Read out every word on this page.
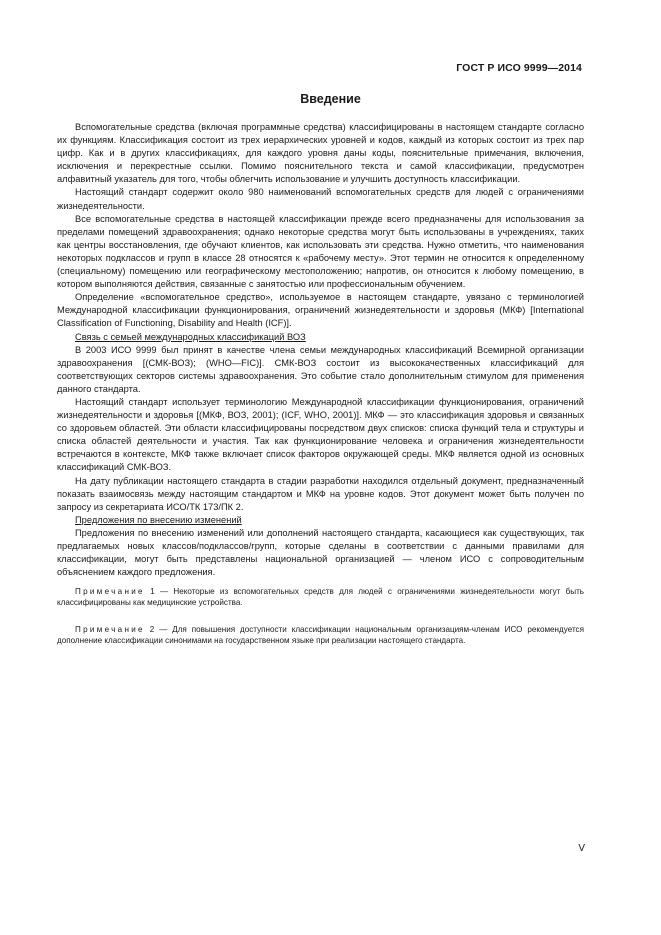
ГОСТ Р ИСО 9999—2014
Введение

Вспомогательные средства (включая программные средства) классифицированы в настоящем стандарте согласно их функциям. Классификация состоит из трех иерархических уровней и кодов, каждый из которых состоит из трех пар цифр. Как и в других классификациях, для каждого уровня даны коды, пояснительные примечания, включения, исключения и перекрестные ссылки. Помимо пояснительного текста и самой классификации, предусмотрен алфавитный указатель для того, чтобы облегчить использование и улучшить доступность классификации.

Настоящий стандарт содержит около 980 наименований вспомогательных средств для людей с ограничениями жизнедеятельности.

Все вспомогательные средства в настоящей классификации прежде всего предназначены для использования за пределами помещений здравоохранения; однако некоторые средства могут быть использованы в учреждениях, таких как центры восстановления, где обучают клиентов, как использовать эти средства. Нужно отметить, что наименования некоторых подклассов и групп в классе 28 относятся к «рабочему месту». Этот термин не относится к определенному (специальному) помещению или географическому местоположению; напротив, он относится к любому помещению, в котором выполняются действия, связанные с занятостью или профессиональным обучением.

Определение «вспомогательное средство», используемое в настоящем стандарте, увязано с терминологией Международной классификации функционирования, ограничений жизнедеятельности и здоровья (МКФ) [International Classification of Functioning, Disability and Health (ICF)].

Связь с семьей международных классификаций ВОЗ

В 2003 ИСО 9999 был принят в качестве члена семьи международных классификаций Всемирной организации здравоохранения [(СМК-ВОЗ); (WHO—FIC)]. СМК-ВОЗ состоит из высококачественных классификаций для соответствующих секторов системы здравоохранения. Это событие стало дополнительным стимулом для применения данного стандарта.

Настоящий стандарт использует терминологию Международной классификации функционирования, ограничений жизнедеятельности и здоровья [(МКФ, ВОЗ, 2001); (ICF, WHO, 2001)]. МКФ — это классификация здоровья и связанных со здоровьем областей. Эти области классифицированы посредством двух списков: списка функций тела и структуры и списка областей деятельности и участия. Так как функционирование человека и ограничения жизнедеятельности встречаются в контексте, МКФ также включает список факторов окружающей среды. МКФ является одной из основных классификаций СМК-ВОЗ.

На дату публикации настоящего стандарта в стадии разработки находился отдельный документ, предназначенный показать взаимосвязь между настоящим стандартом и МКФ на уровне кодов. Этот документ может быть получен по запросу из секретариата ИСО/ТК 173/ПК 2.

Предложения по внесению изменений

Предложения по внесению изменений или дополнений настоящего стандарта, касающиеся как существующих, так предлагаемых новых классов/подклассов/групп, которые сделаны в соответствии с данными правилами для классификации, могут быть представлены национальной организацией — членом ИСО с сопроводительным объяснением каждого предложения.

Примечание 1 — Некоторые из вспомогательных средств для людей с ограничениями жизнедеятельности могут быть классифицированы как медицинские устройства.

Примечание 2 — Для повышения доступности классификации национальным организациям-членам ИСО рекомендуется дополнение классификации синонимами на государственном языке при реализации настоящего стандарта.

V
